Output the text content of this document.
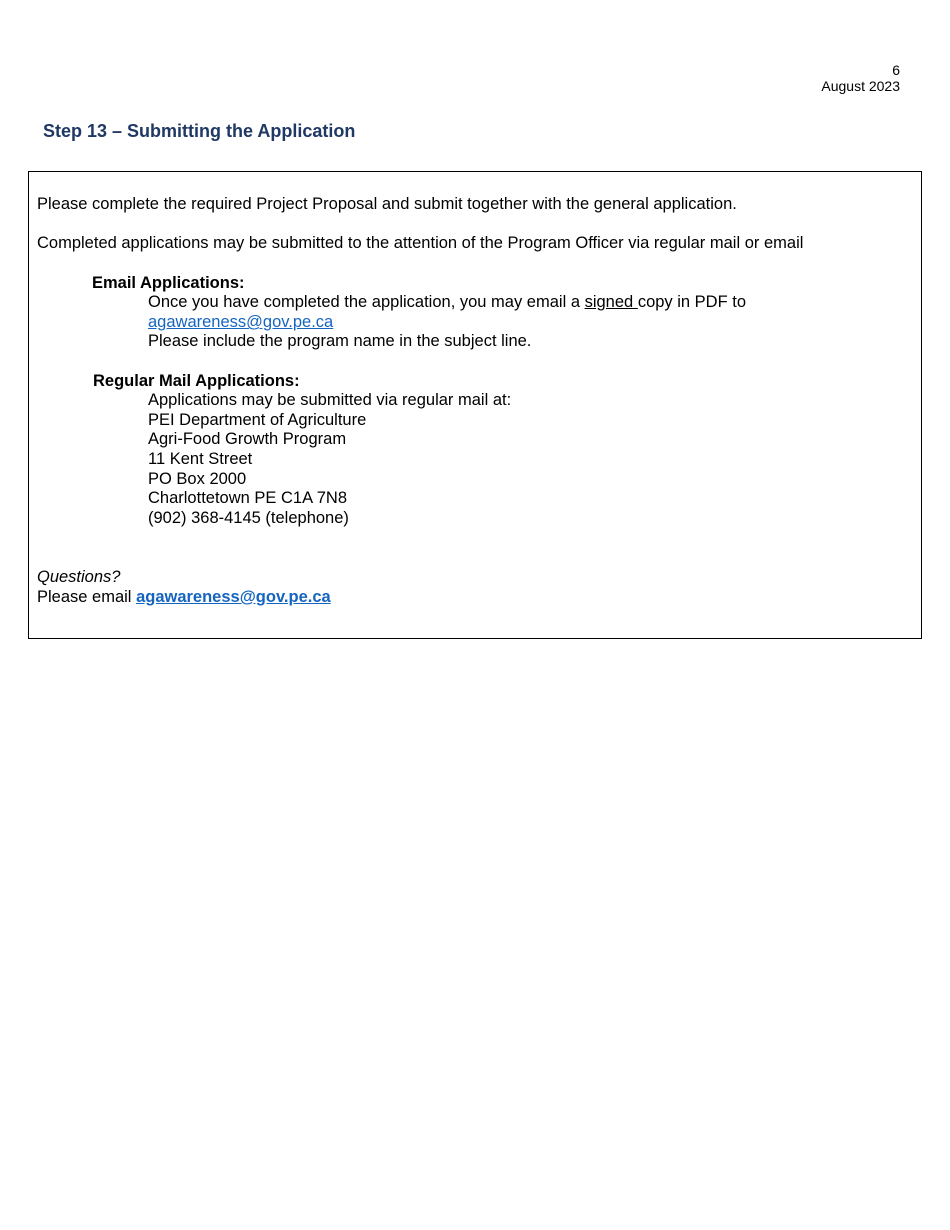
6
August 2023
Step 13 – Submitting the Application
Please complete the required Project Proposal and submit together with the general application.
Completed applications may be submitted to the attention of the Program Officer via regular mail or email
Email Applications:
Once you have completed the application, you may email a signed copy in PDF to
agawareness@gov.pe.ca
Please include the program name in the subject line.
Regular Mail Applications:
Applications may be submitted via regular mail at:
PEI Department of Agriculture
Agri-Food Growth Program
11 Kent Street
PO Box 2000
Charlottetown PE C1A 7N8
(902) 368-4145 (telephone)
Questions?
Please email agawareness@gov.pe.ca
